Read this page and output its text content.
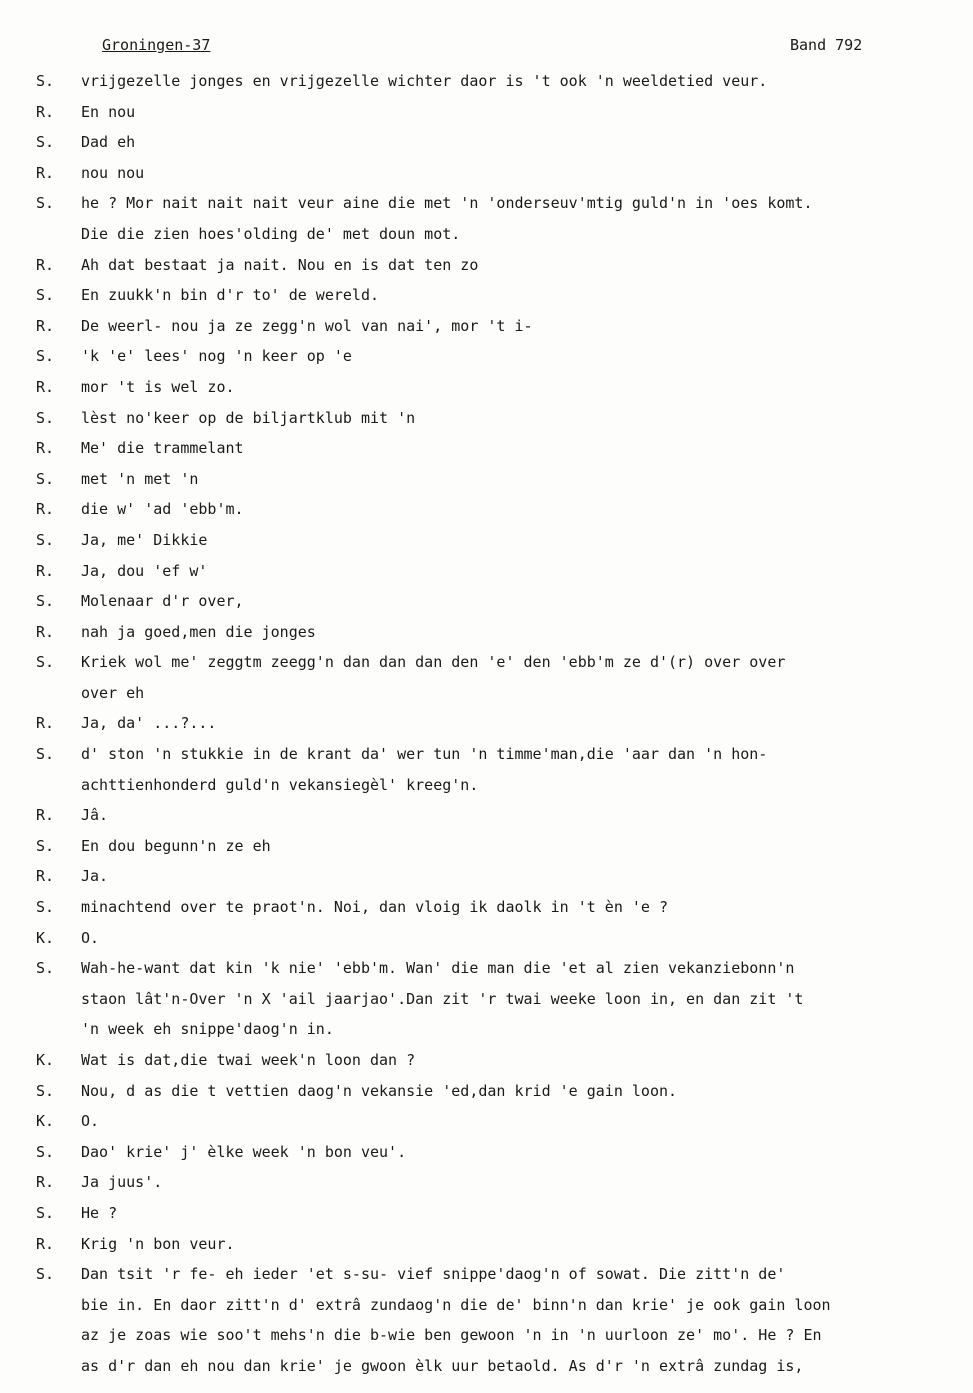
Groningen-37	Band 792
S.	vrijgezelle jonges en vrijgezelle wichter daor is 't ook 'n weeldetied veur.
R.	En nou
S.	Dad eh
R.	nou nou
S.	he ? Mor nait nait nait veur aine die met 'n 'onderseuv'mtig guld'n in 'oes komt.
Die die zien hoes'olding de' met doun mot.
R.	Ah dat bestaat ja nait. Nou en is dat ten zo
S.	En zuukk'n bin d'r to' de wereld.
R.	De weerl- nou ja ze zegg'n wol van nai', mor 't i-
S.	'k 'e' lees' nog 'n keer op 'e
R.	mor 't is wel zo.
S.	lèst no'keer op de biljartklub mit 'n
R.	Me' die trammelant
S.	met 'n met 'n
R.	die w' 'ad 'ebb'm.
S.	Ja, me' Dikkie
R.	Ja, dou 'ef w'
S.	Molenaar d'r over,
R.	nah ja goed,men die jonges
S.	Kriek wol me' zeggtm zeegg'n dan dan dan den 'e' den 'ebb'm ze d'(r) over over
over eh
R.	Ja, da' ...?...
S.	d' ston 'n stukkie in de krant da' wer tun 'n timme'man,die 'aar dan 'n hon-
achttienhonderd guld'n vekansiegèl' kreeg'n.
R.	Jâ.
S.	En dou begunn'n ze eh
R.	Ja.
S.	minachtend over te praot'n. Noi, dan vloig ik daolk in 't èn 'e ?
K.	O.
S.	Wah-he-want dat kin 'k nie' 'ebb'm. Wan' die man die 'et al zien vekanziebonn'n
staon lât'n-Over 'n X 'ail jaarjao'.Dan zit 'r twai weeke loon in, en dan zit 't
'n week eh snippe'daog'n in.
K.	Wat is dat,die twai week'n loon dan ?
S.	Nou, d as die t vettien daog'n vekansie 'ed,dan krid 'e gain loon.
K.	O.
S.	Dao' krie' j' èlke week 'n bon veu'.
R.	Ja juus'.
S.	He ?
R.	Krig 'n bon veur.
S.	Dan tsit 'r fe- eh ieder 'et s-su- vief snippe'daog'n of sowat. Die zitt'n de'
bie in. En daor zitt'n d' extrâ zundaog'n die de' binn'n dan krie' je ook gain loon
az je zoas wie soo't mehs'n die b-wie ben gewoon 'n in 'n uurloon ze' mo'. He ? En
as d'r dan eh nou dan krie' je gwoon èlk uur betaold. As d'r 'n extrâ zundag is,
